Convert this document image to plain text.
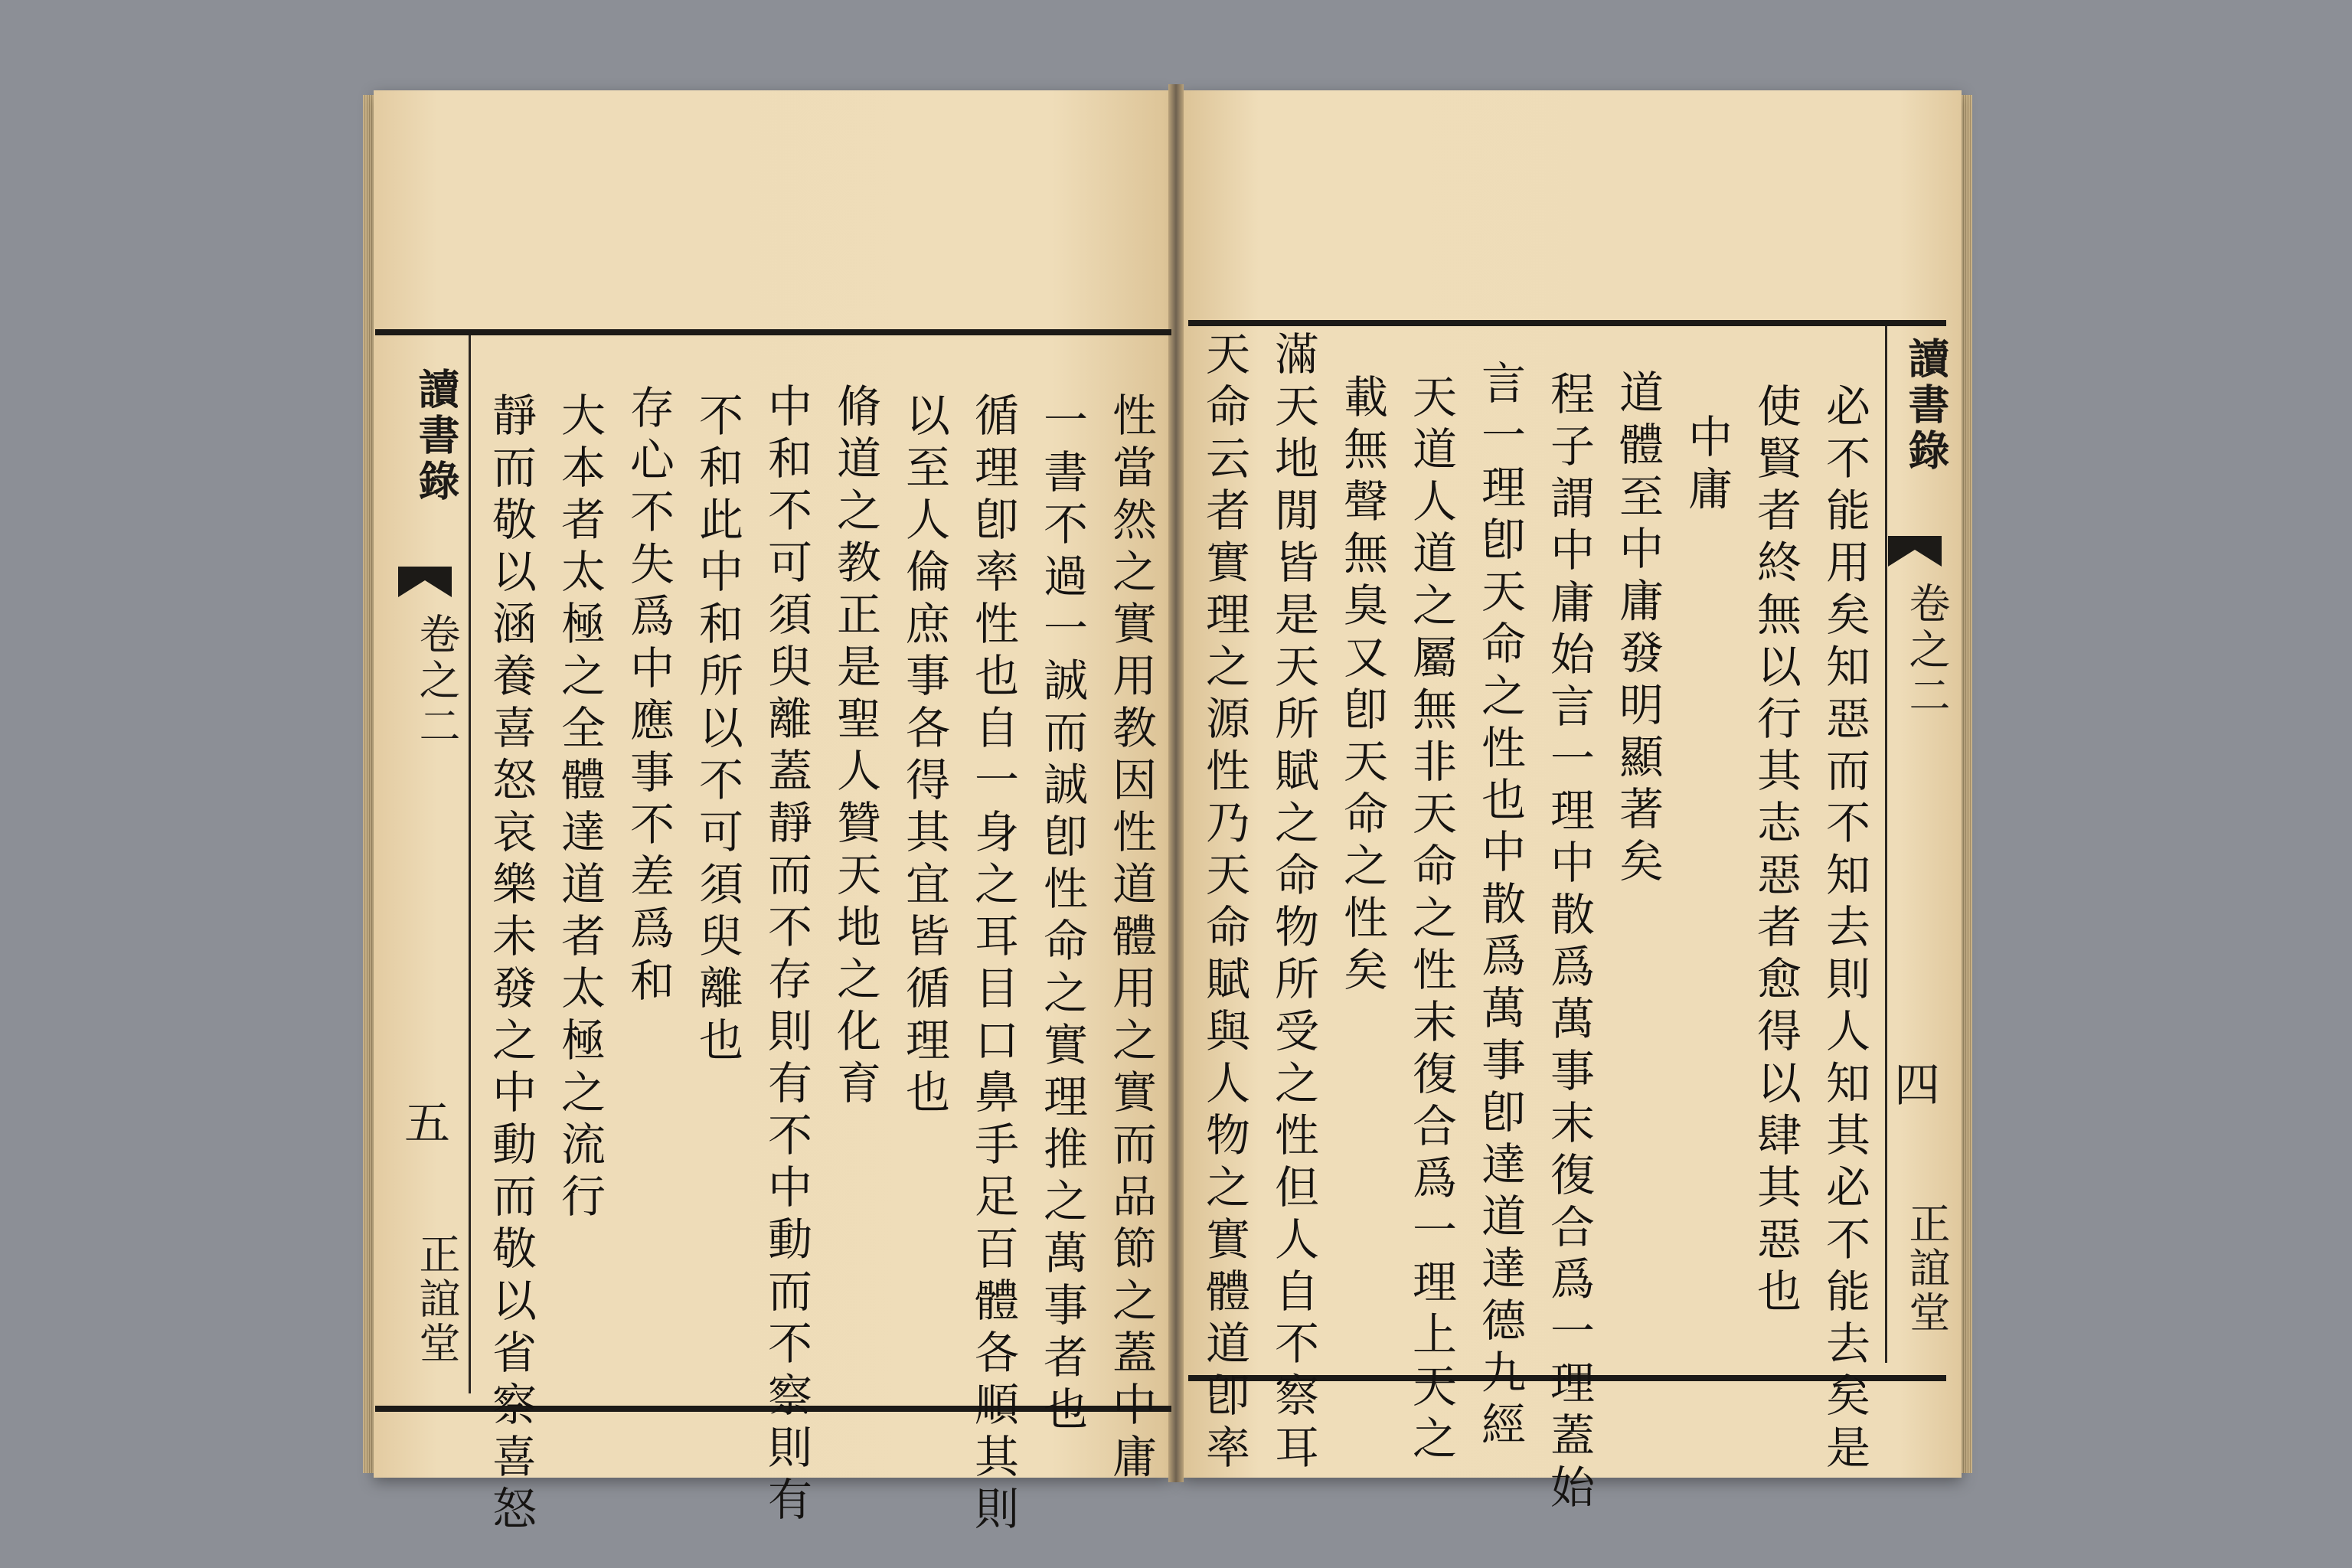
讀書錄
卷之二
五
正誼堂	性當然之實用教因性道體用之實而品節之蓋中庸
一書不過一誠而誠卽性命之實理推之萬事者也
循理卽率性也自一身之耳目口鼻手足百體各順其則
以至人倫庶事各得其宜皆循理也
脩道之教正是聖人贊天地之化育
中和不可須臾離蓋靜而不存則有不中動而不察則有
不和此中和所以不可須臾離也
存心不失爲中應事不差爲和
大本者太極之全體達道者太極之流行
靜而敬以涵養喜怒哀樂未發之中動而敬以省察喜怒	讀書錄
卷之二
四
正誼堂
必不能用矣知惡而不知去則人知其必不能去矣是
使賢者終無以行其志惡者愈得以肆其惡也
中庸
道體至中庸發明顯著矣
程子謂中庸始言一理中散爲萬事末復合爲一理蓋始
言一理卽天命之性也中散爲萬事卽達道達德九經
天道人道之屬無非天命之性末復合爲一理上天之
載無聲無臭又卽天命之性矣
滿天地閒皆是天所賦之命物所受之性但人自不察耳
天命云者實理之源性乃天命賦與人物之實體道卽率
